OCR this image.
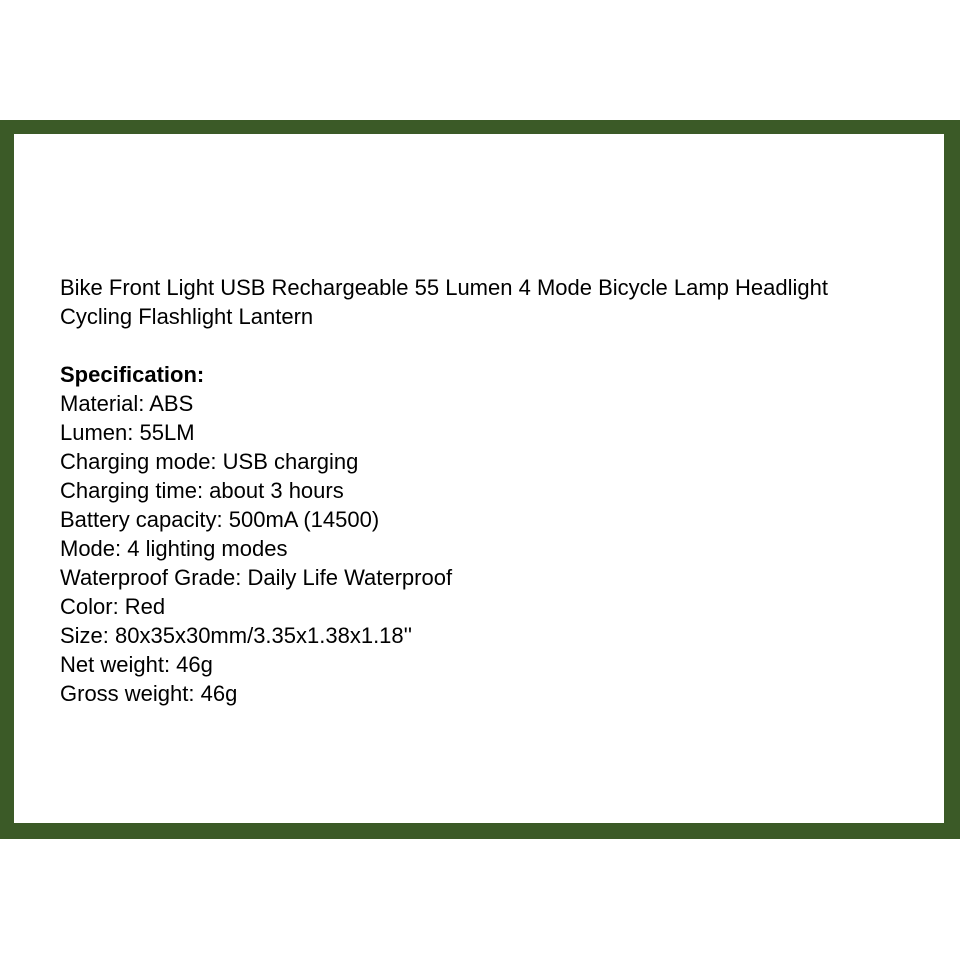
Bike Front Light USB Rechargeable 55 Lumen 4 Mode Bicycle Lamp Headlight

Cycling Flashlight Lantern

Specification:

Material: ABS
Lumen: 55LM
Charging mode: USB charging
Charging time: about 3 hours
Battery capacity: 500mA (14500)
Mode: 4 lighting modes
Waterproof Grade: Daily Life Waterproof
Color: Red
Size: 80x35x30mm/3.35x1.38x1.18''
Net weight: 46g
Gross weight: 46g
